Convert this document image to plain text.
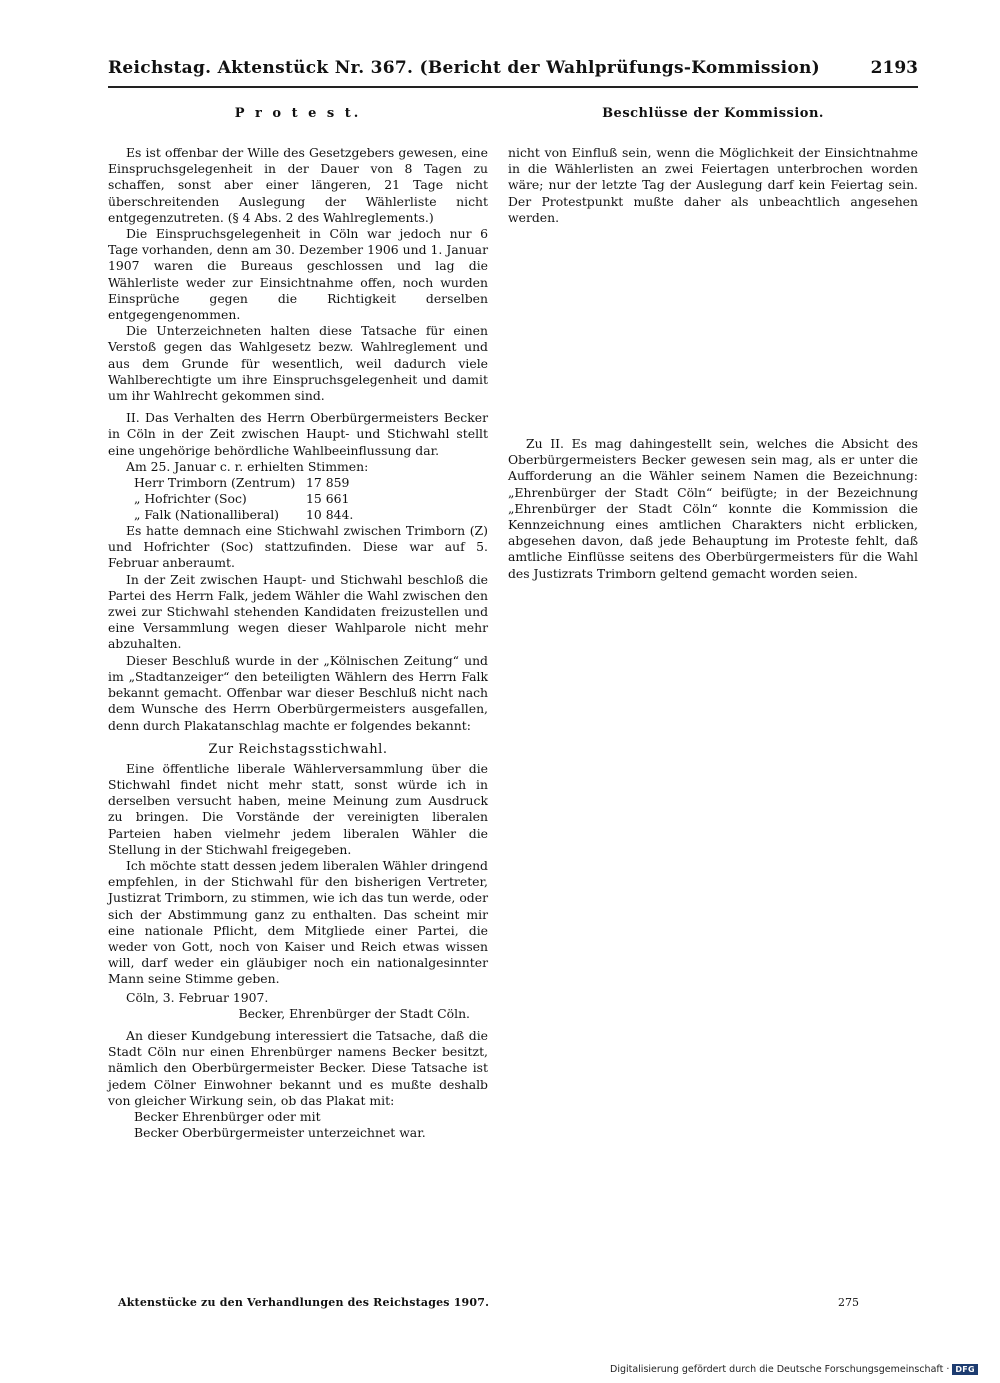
Reichstag. Aktenstück Nr. 367. (Bericht der Wahlprüfungs-Kommission)	2193
P r o t e s t.

Es ist offenbar der Wille des Gesetzgebers gewesen, eine Einspruchsgelegenheit in der Dauer von 8 Tagen zu schaffen, sonst aber einer längeren, 21 Tage nicht überschreitenden Auslegung der Wählerliste nicht entgegenzutreten. (§ 4 Abs. 2 des Wahlreglements.)

Die Einspruchsgelegenheit in Cöln war jedoch nur 6 Tage vorhanden, denn am 30. Dezember 1906 und 1. Januar 1907 waren die Bureaus geschlossen und lag die Wählerliste weder zur Einsichtnahme offen, noch wurden Einsprüche gegen die Richtigkeit derselben entgegengenommen.

Die Unterzeichneten halten diese Tatsache für einen Verstoß gegen das Wahlgesetz bezw. Wahlreglement und aus dem Grunde für wesentlich, weil dadurch viele Wahlberechtigte um ihre Einspruchsgelegenheit und damit um ihr Wahlrecht gekommen sind.

II. Das Verhalten des Herrn Oberbürgermeisters Becker in Cöln in der Zeit zwischen Haupt- und Stichwahl stellt eine ungehörige behördliche Wahlbeeinflussung dar.

Am 25. Januar c. r. erhielten Stimmen:

Herr Trimborn (Zentrum) 17 859
„ Hofrichter (Soc)	15 661
„ Falk (Nationalliberal)	10 844.

Es hatte demnach eine Stichwahl zwischen Trimborn (Z) und Hofrichter (Soc) stattzufinden. Diese war auf 5. Februar anberaumt.

In der Zeit zwischen Haupt- und Stichwahl beschloß die Partei des Herrn Falk, jedem Wähler die Wahl zwischen den zwei zur Stichwahl stehenden Kandidaten freizustellen und eine Versammlung wegen dieser Wahlparole nicht mehr abzuhalten.

Dieser Beschluß wurde in der „Kölnischen Zeitung“ und im „Stadtanzeiger“ den beteiligten Wählern des Herrn Falk bekannt gemacht. Offenbar war dieser Beschluß nicht nach dem Wunsche des Herrn Oberbürgermeisters ausgefallen, denn durch Plakatanschlag machte er folgendes bekannt:

Zur Reichstagsstichwahl.

Eine öffentliche liberale Wählerversammlung über die Stichwahl findet nicht mehr statt, sonst würde ich in derselben versucht haben, meine Meinung zum Ausdruck zu bringen. Die Vorstände der vereinigten liberalen Parteien haben vielmehr jedem liberalen Wähler die Stellung in der Stichwahl freigegeben.

Ich möchte statt dessen jedem liberalen Wähler dringend empfehlen, in der Stichwahl für den bisherigen Vertreter, Justizrat Trimborn, zu stimmen, wie ich das tun werde, oder sich der Abstimmung ganz zu enthalten. Das scheint mir eine nationale Pflicht, dem Mitgliede einer Partei, die weder von Gott, noch von Kaiser und Reich etwas wissen will, darf weder ein gläubiger noch ein nationalgesinnter Mann seine Stimme geben.

Cöln, 3. Februar 1907.

Becker, Ehrenbürger der Stadt Cöln.

An dieser Kundgebung interessiert die Tatsache, daß die Stadt Cöln nur einen Ehrenbürger namens Becker besitzt, nämlich den Oberbürgermeister Becker. Diese Tatsache ist jedem Cölner Einwohner bekannt und es mußte deshalb von gleicher Wirkung sein, ob das Plakat mit:

Becker Ehrenbürger oder mit
Becker Oberbürgermeister unterzeichnet war.
Beschlüsse der Kommission.

nicht von Einfluß sein, wenn die Möglichkeit der Einsichtnahme in die Wählerlisten an zwei Feiertagen unterbrochen worden wäre; nur der letzte Tag der Auslegung darf kein Feiertag sein. Der Protestpunkt mußte daher als unbeachtlich angesehen werden.

Zu II. Es mag dahingestellt sein, welches die Absicht des Oberbürgermeisters Becker gewesen sein mag, als er unter die Aufforderung an die Wähler seinem Namen die Bezeichnung: „Ehrenbürger der Stadt Cöln“ beifügte; in der Bezeichnung „Ehrenbürger der Stadt Cöln“ konnte die Kommission die Kennzeichnung eines amtlichen Charakters nicht erblicken, abgesehen davon, daß jede Behauptung im Proteste fehlt, daß amtliche Einflüsse seitens des Oberbürgermeisters für die Wahl des Justizrats Trimborn geltend gemacht worden seien.

Aktenstücke zu den Verhandlungen des Reichstages 1907.	275
Digitalisierung gefördert durch die Deutsche Forschungsgemeinschaft · DFG
